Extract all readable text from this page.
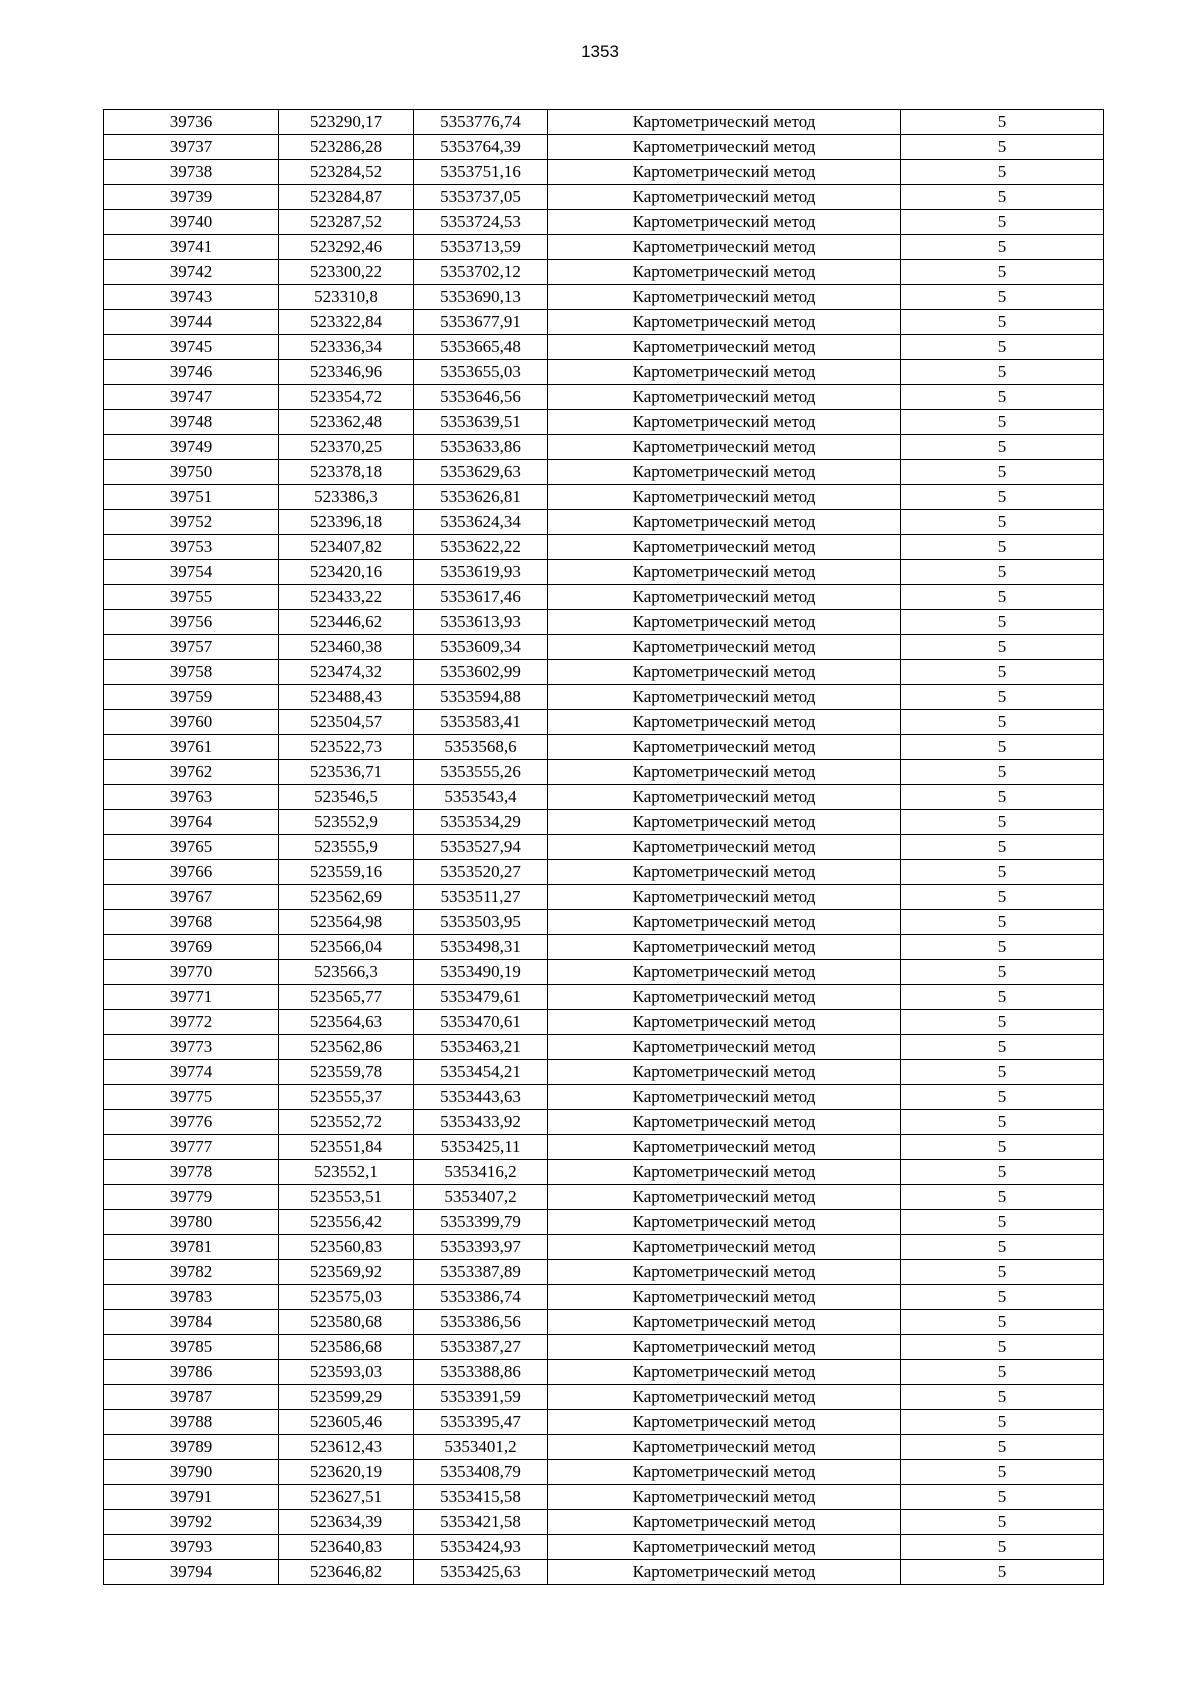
1353
39736	523290,17	5353776,74	Картометрический метод	5
39737	523286,28	5353764,39	Картометрический метод	5
39738	523284,52	5353751,16	Картометрический метод	5
39739	523284,87	5353737,05	Картометрический метод	5
39740	523287,52	5353724,53	Картометрический метод	5
39741	523292,46	5353713,59	Картометрический метод	5
39742	523300,22	5353702,12	Картометрический метод	5
39743	523310,8	5353690,13	Картометрический метод	5
39744	523322,84	5353677,91	Картометрический метод	5
39745	523336,34	5353665,48	Картометрический метод	5
39746	523346,96	5353655,03	Картометрический метод	5
39747	523354,72	5353646,56	Картометрический метод	5
39748	523362,48	5353639,51	Картометрический метод	5
39749	523370,25	5353633,86	Картометрический метод	5
39750	523378,18	5353629,63	Картометрический метод	5
39751	523386,3	5353626,81	Картометрический метод	5
39752	523396,18	5353624,34	Картометрический метод	5
39753	523407,82	5353622,22	Картометрический метод	5
39754	523420,16	5353619,93	Картометрический метод	5
39755	523433,22	5353617,46	Картометрический метод	5
39756	523446,62	5353613,93	Картометрический метод	5
39757	523460,38	5353609,34	Картометрический метод	5
39758	523474,32	5353602,99	Картометрический метод	5
39759	523488,43	5353594,88	Картометрический метод	5
39760	523504,57	5353583,41	Картометрический метод	5
39761	523522,73	5353568,6	Картометрический метод	5
39762	523536,71	5353555,26	Картометрический метод	5
39763	523546,5	5353543,4	Картометрический метод	5
39764	523552,9	5353534,29	Картометрический метод	5
39765	523555,9	5353527,94	Картометрический метод	5
39766	523559,16	5353520,27	Картометрический метод	5
39767	523562,69	5353511,27	Картометрический метод	5
39768	523564,98	5353503,95	Картометрический метод	5
39769	523566,04	5353498,31	Картометрический метод	5
39770	523566,3	5353490,19	Картометрический метод	5
39771	523565,77	5353479,61	Картометрический метод	5
39772	523564,63	5353470,61	Картометрический метод	5
39773	523562,86	5353463,21	Картометрический метод	5
39774	523559,78	5353454,21	Картометрический метод	5
39775	523555,37	5353443,63	Картометрический метод	5
39776	523552,72	5353433,92	Картометрический метод	5
39777	523551,84	5353425,11	Картометрический метод	5
39778	523552,1	5353416,2	Картометрический метод	5
39779	523553,51	5353407,2	Картометрический метод	5
39780	523556,42	5353399,79	Картометрический метод	5
39781	523560,83	5353393,97	Картометрический метод	5
39782	523569,92	5353387,89	Картометрический метод	5
39783	523575,03	5353386,74	Картометрический метод	5
39784	523580,68	5353386,56	Картометрический метод	5
39785	523586,68	5353387,27	Картометрический метод	5
39786	523593,03	5353388,86	Картометрический метод	5
39787	523599,29	5353391,59	Картометрический метод	5
39788	523605,46	5353395,47	Картометрический метод	5
39789	523612,43	5353401,2	Картометрический метод	5
39790	523620,19	5353408,79	Картометрический метод	5
39791	523627,51	5353415,58	Картометрический метод	5
39792	523634,39	5353421,58	Картометрический метод	5
39793	523640,83	5353424,93	Картометрический метод	5
39794	523646,82	5353425,63	Картометрический метод	5
